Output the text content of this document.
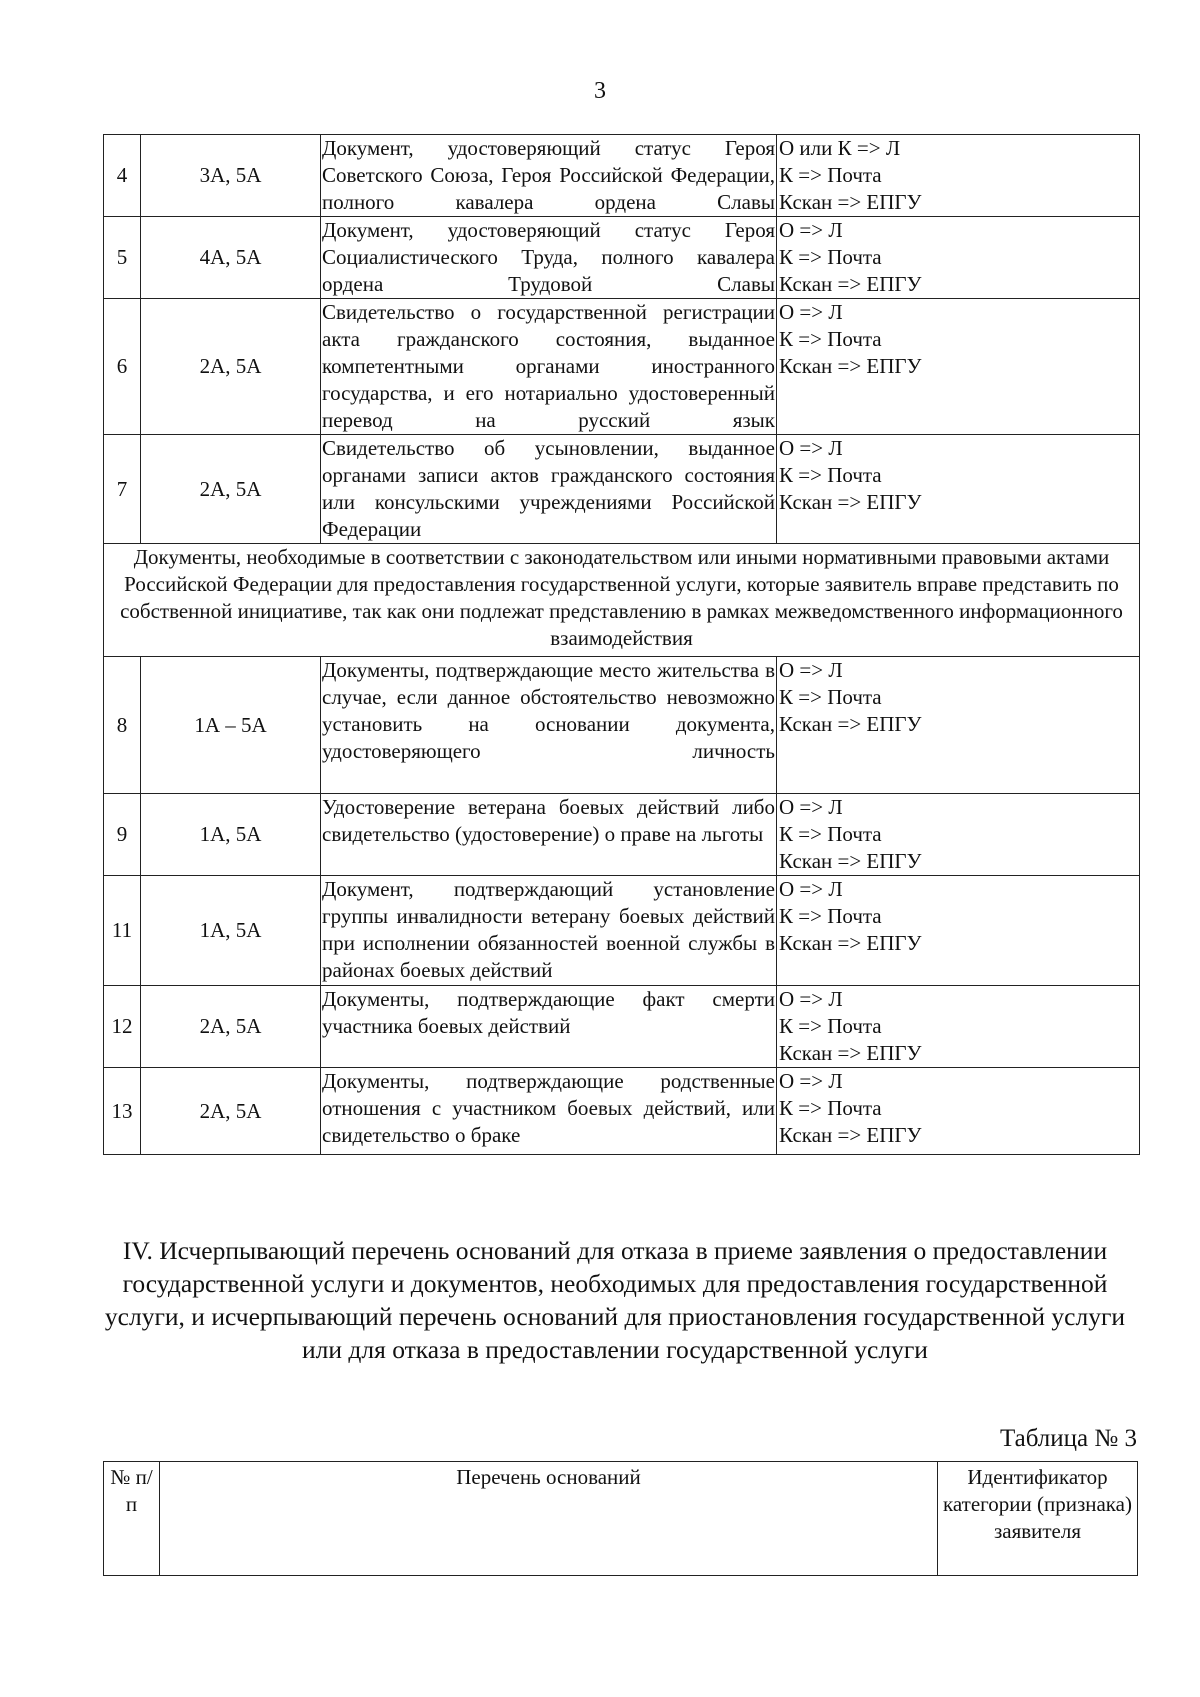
3
4	3А, 5А	Документ, удостоверяющий статус Героя Советского Союза, Героя Российской Федерации, полного кавалера ордена Славы	О или К => Л
К => Почта
Кскан => ЕПГУ

5	4А, 5А	Документ, удостоверяющий статус Героя Социалистического Труда, полного кавалера ордена Трудовой Славы	О => Л
К => Почта
Кскан => ЕПГУ

6	2А, 5А	Свидетельство о государственной регистрации акта гражданского состояния, выданное компетентными органами иностранного государства, и его нотариально удостоверенный перевод на русский язык	О => Л
К => Почта
Кскан => ЕПГУ

7	2А, 5А	Свидетельство об усыновлении, выданное органами записи актов гражданского состояния или консульскими учреждениями Российской Федерации	О => Л
К => Почта
Кскан => ЕПГУ

Документы, необходимые в соответствии с законодательством или иными нормативными правовыми актами Российской Федерации для предоставления государственной услуги, которые заявитель вправе представить по собственной инициативе, так как они подлежат представлению в рамках межведомственного информационного взаимодействия			
8	1А – 5А	Документы, подтверждающие место жительства в случае, если данное обстоятельство невозможно установить на основании документа, удостоверяющего личность	О => Л
К => Почта
Кскан => ЕПГУ

9	1А, 5А	Удостоверение ветерана боевых действий либо свидетельство (удостоверение) о праве на льготы	О => Л
К => Почта
Кскан => ЕПГУ

11	1А, 5А	Документ, подтверждающий установление группы инвалидности ветерану боевых действий при исполнении обязанностей военной службы в районах боевых действий	О => Л
К => Почта
Кскан => ЕПГУ

12	2А, 5А	Документы, подтверждающие факт смерти участника боевых действий	О => Л
К => Почта
Кскан => ЕПГУ

13	2А, 5А	Документы, подтверждающие родственные отношения с участником боевых действий, или свидетельство о браке	О => Л
К => Почта
Кскан => ЕПГУ
IV. Исчерпывающий перечень оснований для отказа в приеме заявления о предоставлении государственной услуги и документов, необходимых для предоставления государственной услуги, и исчерпывающий перечень оснований для приостановления государственной услуги или для отказа в предоставлении государственной услуги
Таблица № 3
№ п/п	Перечень оснований	Идентификатор категории (признака) заявителя
